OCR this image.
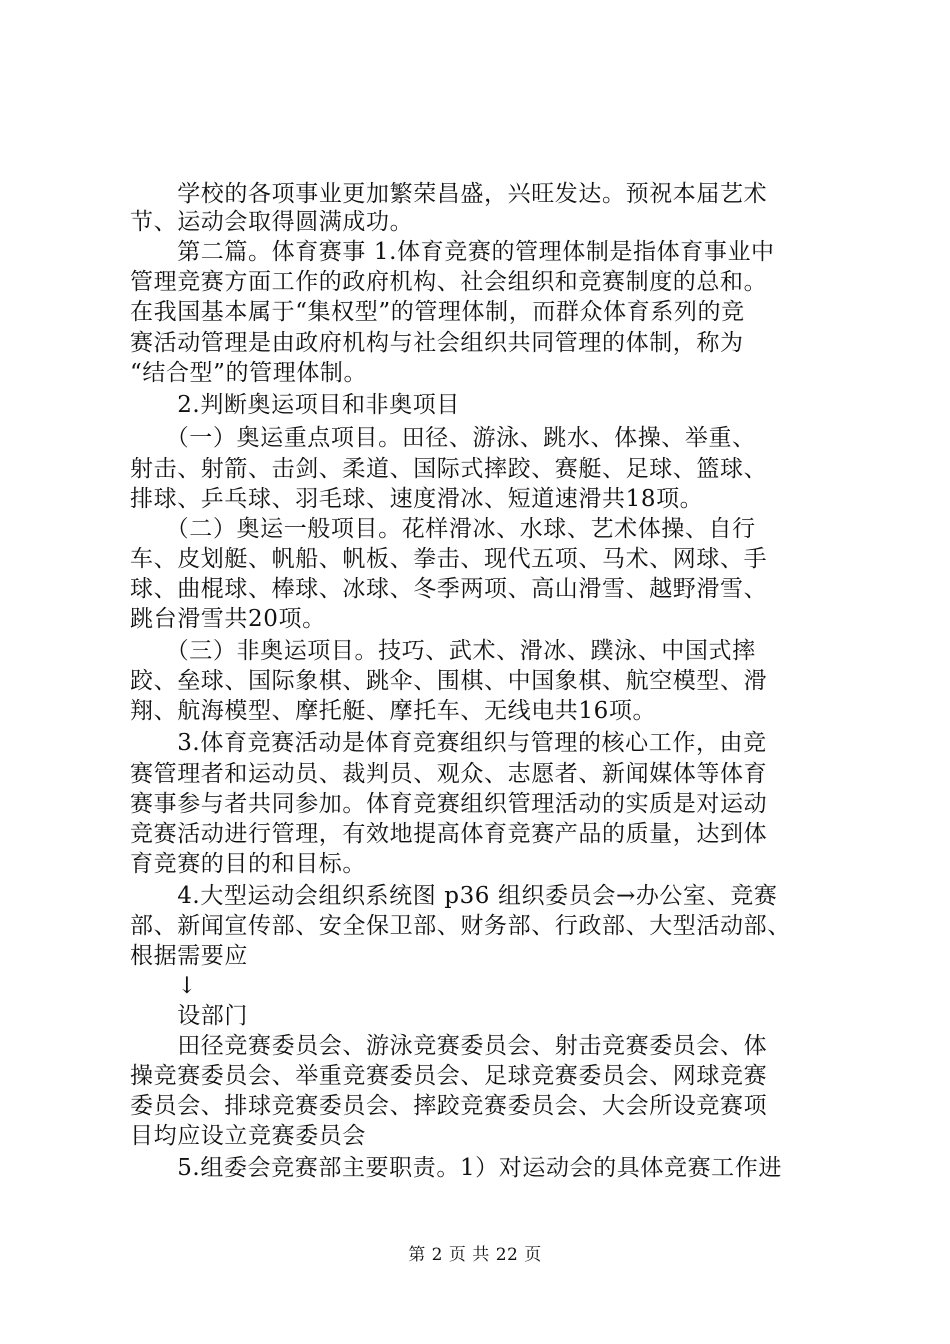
　　学校的各项事业更加繁荣昌盛，兴旺发达。预祝本届艺术
节、运动会取得圆满成功。
　　第二篇。体育赛事 1.体育竞赛的管理体制是指体育事业中
管理竞赛方面工作的政府机构、社会组织和竞赛制度的总和。
在我国基本属于“集权型”的管理体制，而群众体育系列的竞
赛活动管理是由政府机构与社会组织共同管理的体制，称为
“结合型”的管理体制。
　　2.判断奥运项目和非奥项目
　　（一）奥运重点项目。田径、游泳、跳水、体操、举重、
射击、射箭、击剑、柔道、国际式摔跤、赛艇、足球、篮球、
排球、乒乓球、羽毛球、速度滑冰、短道速滑共18项。
　　（二）奥运一般项目。花样滑冰、水球、艺术体操、自行
车、皮划艇、帆船、帆板、拳击、现代五项、马术、网球、手
球、曲棍球、棒球、冰球、冬季两项、高山滑雪、越野滑雪、
跳台滑雪共20项。
　　（三）非奥运项目。技巧、武术、滑冰、蹼泳、中国式摔
跤、垒球、国际象棋、跳伞、围棋、中国象棋、航空模型、滑
翔、航海模型、摩托艇、摩托车、无线电共16项。
　　3.体育竞赛活动是体育竞赛组织与管理的核心工作，由竞
赛管理者和运动员、裁判员、观众、志愿者、新闻媒体等体育
赛事参与者共同参加。体育竞赛组织管理活动的实质是对运动
竞赛活动进行管理，有效地提高体育竞赛产品的质量，达到体
育竞赛的目的和目标。
　　4.大型运动会组织系统图 p36 组织委员会→办公室、竞赛
部、新闻宣传部、安全保卫部、财务部、行政部、大型活动部、
根据需要应
　　↓
　　设部门
　　田径竞赛委员会、游泳竞赛委员会、射击竞赛委员会、体
操竞赛委员会、举重竞赛委员会、足球竞赛委员会、网球竞赛
委员会、排球竞赛委员会、摔跤竞赛委员会、大会所设竞赛项
目均应设立竞赛委员会
　　5.组委会竞赛部主要职责。1）对运动会的具体竞赛工作进
第 2 页 共 22 页
